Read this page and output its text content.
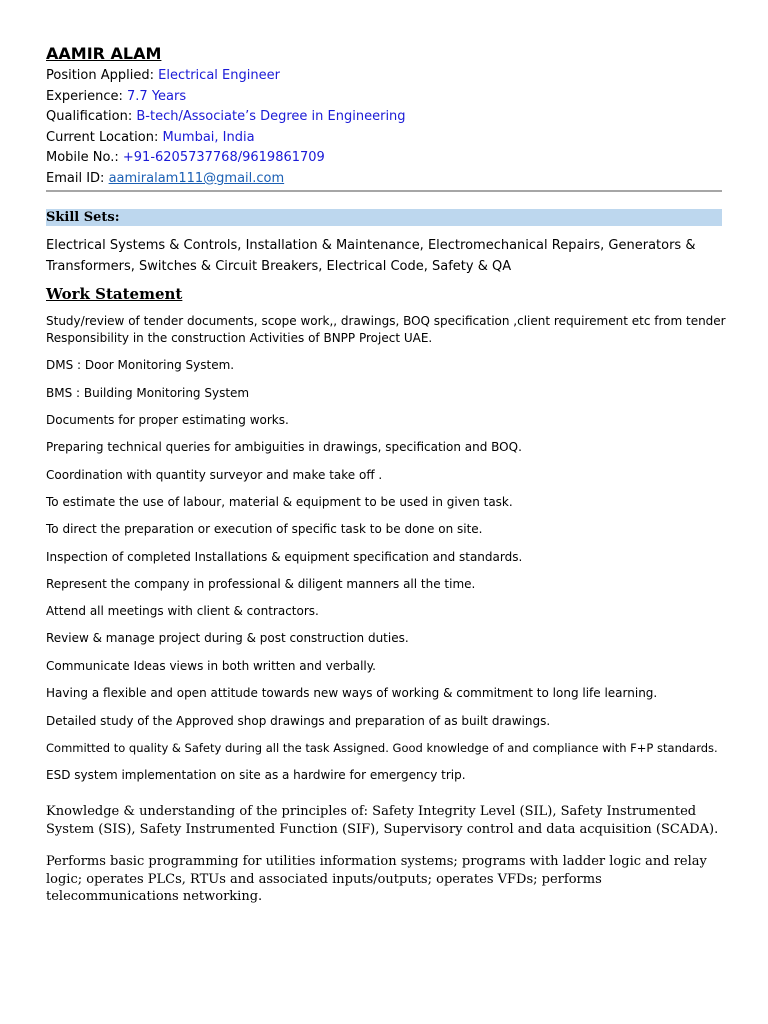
AAMIR ALAM
Position Applied: Electrical Engineer
Experience: 7.7 Years
Qualification: B-tech/Associate’s Degree in Engineering
Current Location: Mumbai, India
Mobile No.: +91-6205737768/9619861709
Email ID: aamiralam111@gmail.com
Skill Sets:
Electrical Systems & Controls, Installation & Maintenance, Electromechanical Repairs, Generators & Transformers, Switches & Circuit Breakers, Electrical Code, Safety & QA
Work Statement
Study/review of tender documents, scope work,, drawings, BOQ specification ,client requirement etc from tender
Responsibility in the construction Activities of BNPP Project UAE.
DMS : Door Monitoring System.
BMS : Building Monitoring System
Documents for proper estimating works.
Preparing technical queries for ambiguities in drawings, specification and BOQ.
Coordination with quantity surveyor and make take off .
To estimate the use of labour, material & equipment to be used in given task.
To direct the preparation or execution of specific task to be done on site.
Inspection of completed Installations & equipment specification and standards.
Represent the company in professional & diligent manners all the time.
Attend all meetings with client & contractors.
Review & manage project during & post construction duties.
Communicate Ideas views in both written and verbally.
Having a flexible and open attitude towards new ways of working & commitment to long life learning.
Detailed study of the Approved shop drawings and preparation of as built drawings.
Committed to quality & Safety during all the task Assigned. Good knowledge of and compliance with F+P standards.
ESD system implementation on site as a hardwire for emergency trip.
Knowledge & understanding of the principles of: Safety Integrity Level (SIL), Safety Instrumented System (SIS), Safety Instrumented Function (SIF), Supervisory control and data acquisition (SCADA).
Performs basic programming for utilities information systems; programs with ladder logic and relay logic; operates PLCs, RTUs and associated inputs/outputs; operates VFDs; performs telecommunications networking.
